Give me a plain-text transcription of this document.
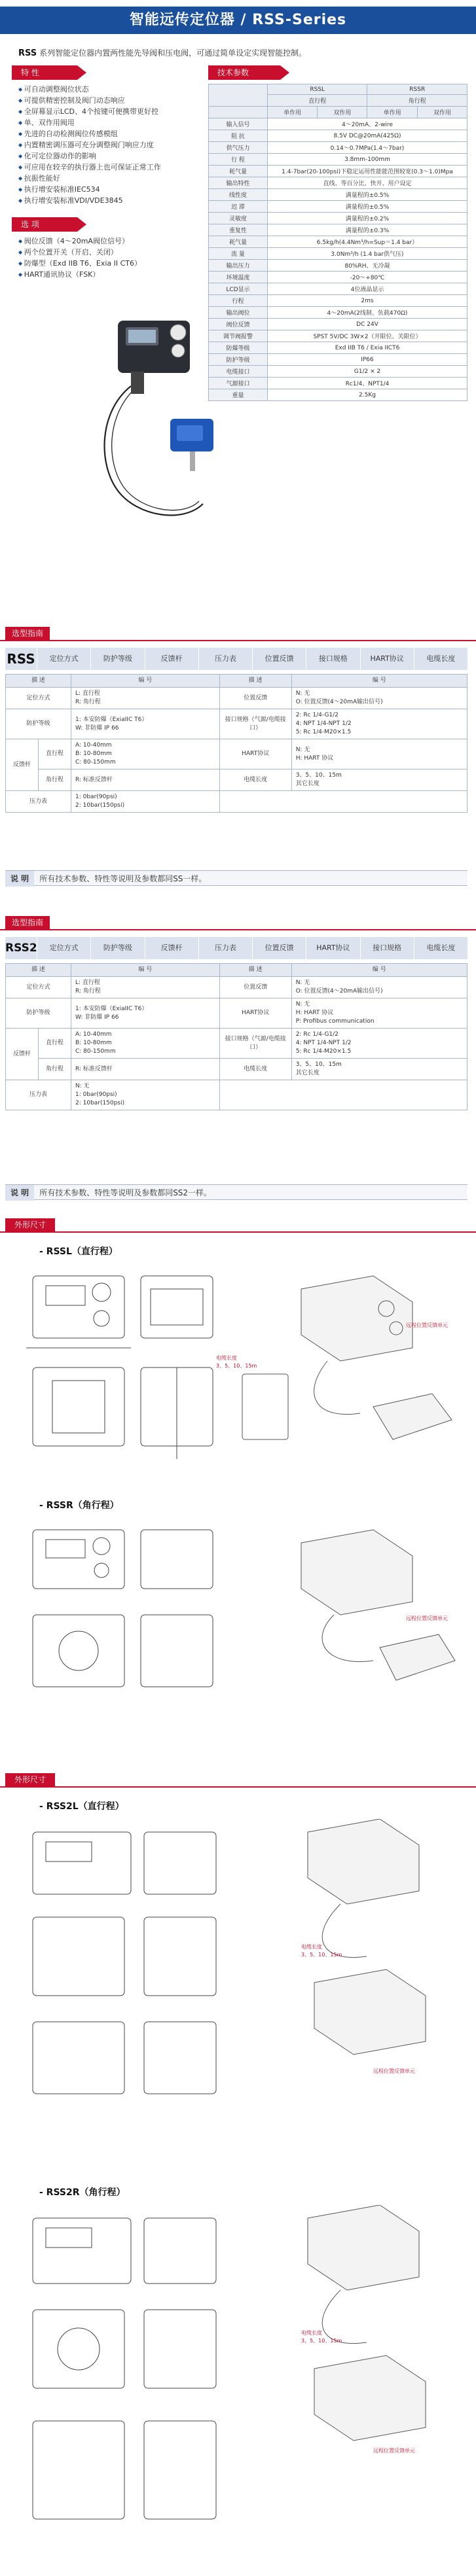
智能远传定位器 / RSS-Series
RSS 系列智能定位器内置两性能先导阀和压电阀，可通过简单设定实现智能控制。
特 性
◆ 可自动调整阀位状态
◆ 可提供精密控制及阀门动态响应
◆ 全屏幕显示LCD、4个按键可便携带更好控
◆ 单、双作用阀用
◆ 先进的自动检测阀位传感模组
◆ 内置精密调压器可充分调整阀门响应力度
◆ 化可定位器动作的影响
◆ 可应用在较辛的执行器上也可保证正常工作
◆ 抗振性能好
◆ 执行增安装标准IEC534
◆ 执行增安装标准VDI/VDE3845
技术参数
	RSSL		RSSR	
	直行程		角行程	
	单作用	双作用	单作用	双作用
输入信号	4～20mA、2-wire			
阻 抗	8.5V DC@20mA(425Ω)			
供气压力	0.14～0.7MPa(1.4～7bar)			
行 程	3.8mm-100mm			
耗气量	1.4-7bar(20-100psi)下稳定运用性能能范围较宽(0.3～1.0)Mpa			
输出特性	直线、等百分比、快开、用户设定			
线性度	满量程的±0.5%			
迟 滞	满量程的±0.5%			
灵敏度	满量程的±0.2%			
重复性	满量程的±0.3%			
耗气量	6.5kg/h(4.4Nm³/h=Sup＝1.4 bar）			
流 量	3.0Nm³/h (1.4 bar供气压)			
输出压力	80%RH、无冷凝			
环境温度	-20～+80℃			
LCD显示	4位液晶显示			
行程	2ms			
输出阀位	4～20mA(2线制、负载470Ω)			
阀位反馈	DC 24V			
调节阀报警	SPST 5V/DC 3W×2（开限位、关限位）			
防爆等级	Exd IIB T6 / Exia IICT6			
防护等级	IP66			
电缆接口	G1/2 × 2			
气源接口	Rc1/4、NPT1/4			
重量	2.5Kg			
选 项
◆ 阀位反馈（4～20mA阀位信号）
◆ 两个位置开关（开启、关闭）
◆ 防爆型（Exd IIB T6、Exia II CT6）
◆ HART通讯协议（FSK）
选型指南
RSS	定位方式	防护等级	反馈杆	压力表	位置反馈	接口规格	HART协议	电缆长度
描 述		编 号	描 述	编 号
定位方式		L: 直行程
R: 角行程	位置反馈	N: 无
O: 位置反馈(4～20mA输出信号)
防护等级		1: 本安防爆（ExiaIIC T6）
W: 非防爆 IP 66	接口规格（气源/电缆接口）	2: Rc 1/4-G1/2
4: NPT 1/4-NPT 1/2
5: Rc 1/4-M20×1.5
反馈杆	直行程	A: 10-40mm
B: 10-80mm
C: 80-150mm	HART协议	N: 无
H: HART 协议
	角行程	R: 标准反馈杆	电缆长度	3、5、10、15m
其它长度
压力表		1: 0bar(90psi)
2: 10bar(150psi)		
说 明 所有技术参数、特性等说明及参数都同SS一样。
选型指南
RSS2	定位方式	防护等级	反馈杆	压力表	位置反馈	HART协议	接口规格	电缆长度
描 述		编 号	描 述	编 号
定位方式		L: 直行程
R: 角行程	位置反馈	N: 无
O: 位置反馈(4～20mA输出信号)
防护等级		1: 本安防爆（ExiaIIC T6）
W: 非防爆 IP 66	HART协议	N: 无
H: HART 协议
P: Profibus communication
反馈杆	直行程	A: 10-40mm
B: 10-80mm
C: 80-150mm	接口规格（气源/电缆接口）	2: Rc 1/4-G1/2
4: NPT 1/4-NPT 1/2
5: Rc 1/4-M20×1.5
	角行程	R: 标准反馈杆	电缆长度	3、5、10、15m
其它长度
压力表		N: 无
1: 0bar(90psi)
2: 10bar(150psi)		
说 明 所有技术参数、特性等说明及参数都同SS2一样。
外形尺寸
- RSSL（直行程）
远程位置反馈单元
电缆长度
3、5、10、15m
- RSSR（角行程）
远程位置反馈单元
外形尺寸
- RSS2L（直行程）
电缆长度
3、5、10、15m
远程位置反馈单元
- RSS2R（角行程）
电缆长度
3、5、10、15m
远程位置反馈单元
